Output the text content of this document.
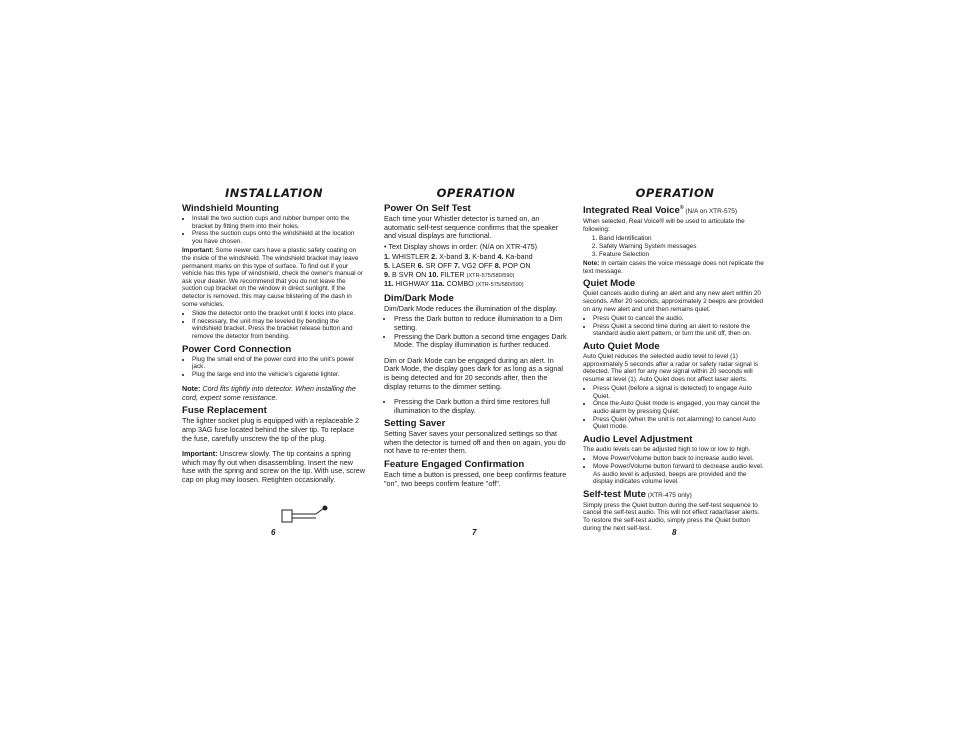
INSTALLATION
Windshield Mounting
• Install the two suction cups and rubber bumper onto the bracket by fitting them into their holes.
• Press the suction cups onto the windshield at the location you have chosen.
Important: Some newer cars have a plastic safety coating on the inside of the windshield. The windshield bracket may leave permanent marks on this type of surface. To find out if your vehicle has this type of windshield, check the owner's manual or ask your dealer. We recommend that you do not leave the suction cup bracket on the window in direct sunlight. If the detector is removed, this may cause blistering of the dash in some vehicles.
• Slide the detector onto the bracket until it locks into place.
• If necessary, the unit may be leveled by bending the windshield bracket. Press the bracket release button and remove the detector from bending.
Power Cord Connection
• Plug the small end of the power cord into the unit's power jack.
• Plug the large end into the vehicle's cigarette lighter.
Note: Cord fits tightly into detector. When installing the cord, expect some resistance.
Fuse Replacement
The lighter socket plug is equipped with a replaceable 2 amp 3AG fuse located behind the silver tip. To replace the fuse, carefully unscrew the tip of the plug.
Important: Unscrew slowly. The tip contains a spring which may fly out when disassembling. Insert the new fuse with the spring and screw on the tip. With use, screw cap on plug may loosen. Retighten occasionally.
6
OPERATION
Power On Self Test
Each time your Whistler detector is turned on, an automatic self-test sequence confirms that the speaker and visual displays are functional.
• Text Display shows in order: (N/A on XTR-475)
1. WHISTLER 2. X-band 3. K-band 4. Ka-band
5. LASER 6. SR OFF 7. VG2 OFF 8. POP ON
9. B SVR ON 10. FILTER (XTR-575/580/590)
11. HIGHWAY 11a. COMBO (XTR-575/580/590)
Dim/Dark Mode
Dim/Dark Mode reduces the illumination of the display.
• Press the Dark button to reduce illumination to a Dim setting.
• Pressing the Dark button a second time engages Dark Mode. The display illumination is further reduced.
Dim or Dark Mode can be engaged during an alert. In Dark Mode, the display goes dark for as long as a signal is being detected and for 20 seconds after, then the display returns to the dimmer setting.
• Pressing the Dark button a third time restores full illumination to the display.
Setting Saver
Setting Saver saves your personalized settings so that when the detector is turned off and then on again, you do not have to re-enter them.
Feature Engaged Confirmation
Each time a button is pressed, one beep confirms feature "on", two beeps confirm feature "off".
7
OPERATION
Integrated Real Voice® (N/A on XTR-575)
When selected, Real Voice® will be used to articulate the following:
1. Band Identification
2. Safety Warning System messages
3. Feature Selection
Note: In certain cases the voice message does not replicate the text message.
Quiet Mode
Quiet cancels audio during an alert and any new alert within 20 seconds. After 20 seconds, approximately 2 beeps are provided on any new alert and unit then remains quiet.
• Press Quiet to cancel the audio.
• Press Quiet a second time during an alert to restore the standard audio alert pattern, or turn the unit off, then on.
Auto Quiet Mode
Auto Quiet reduces the selected audio level to level (1) approximately 5 seconds after a radar or safety radar signal is detected. The alert for any new signal within 20 seconds will resume at level (1). Auto Quiet does not affect laser alerts.
• Press Quiet (before a signal is detected) to engage Auto Quiet.
• Once the Auto Quiet mode is engaged, you may cancel the audio alarm by pressing Quiet.
• Press Quiet (when the unit is not alarming) to cancel Auto Quiet mode.
Audio Level Adjustment
The audio levels can be adjusted high to low or low to high.
• Move Power/Volume button back to increase audio level.
• Move Power/Volume button forward to decrease audio level. As audio level is adjusted, beeps are provided and the display indicates volume level.
Self-test Mute (XTR-475 only)
Simply press the Quiet button during the self-test sequence to cancel the self-test audio. This will not effect radar/laser alerts. To restore the self-test audio, simply press the Quiet button during the next self-test.	8
